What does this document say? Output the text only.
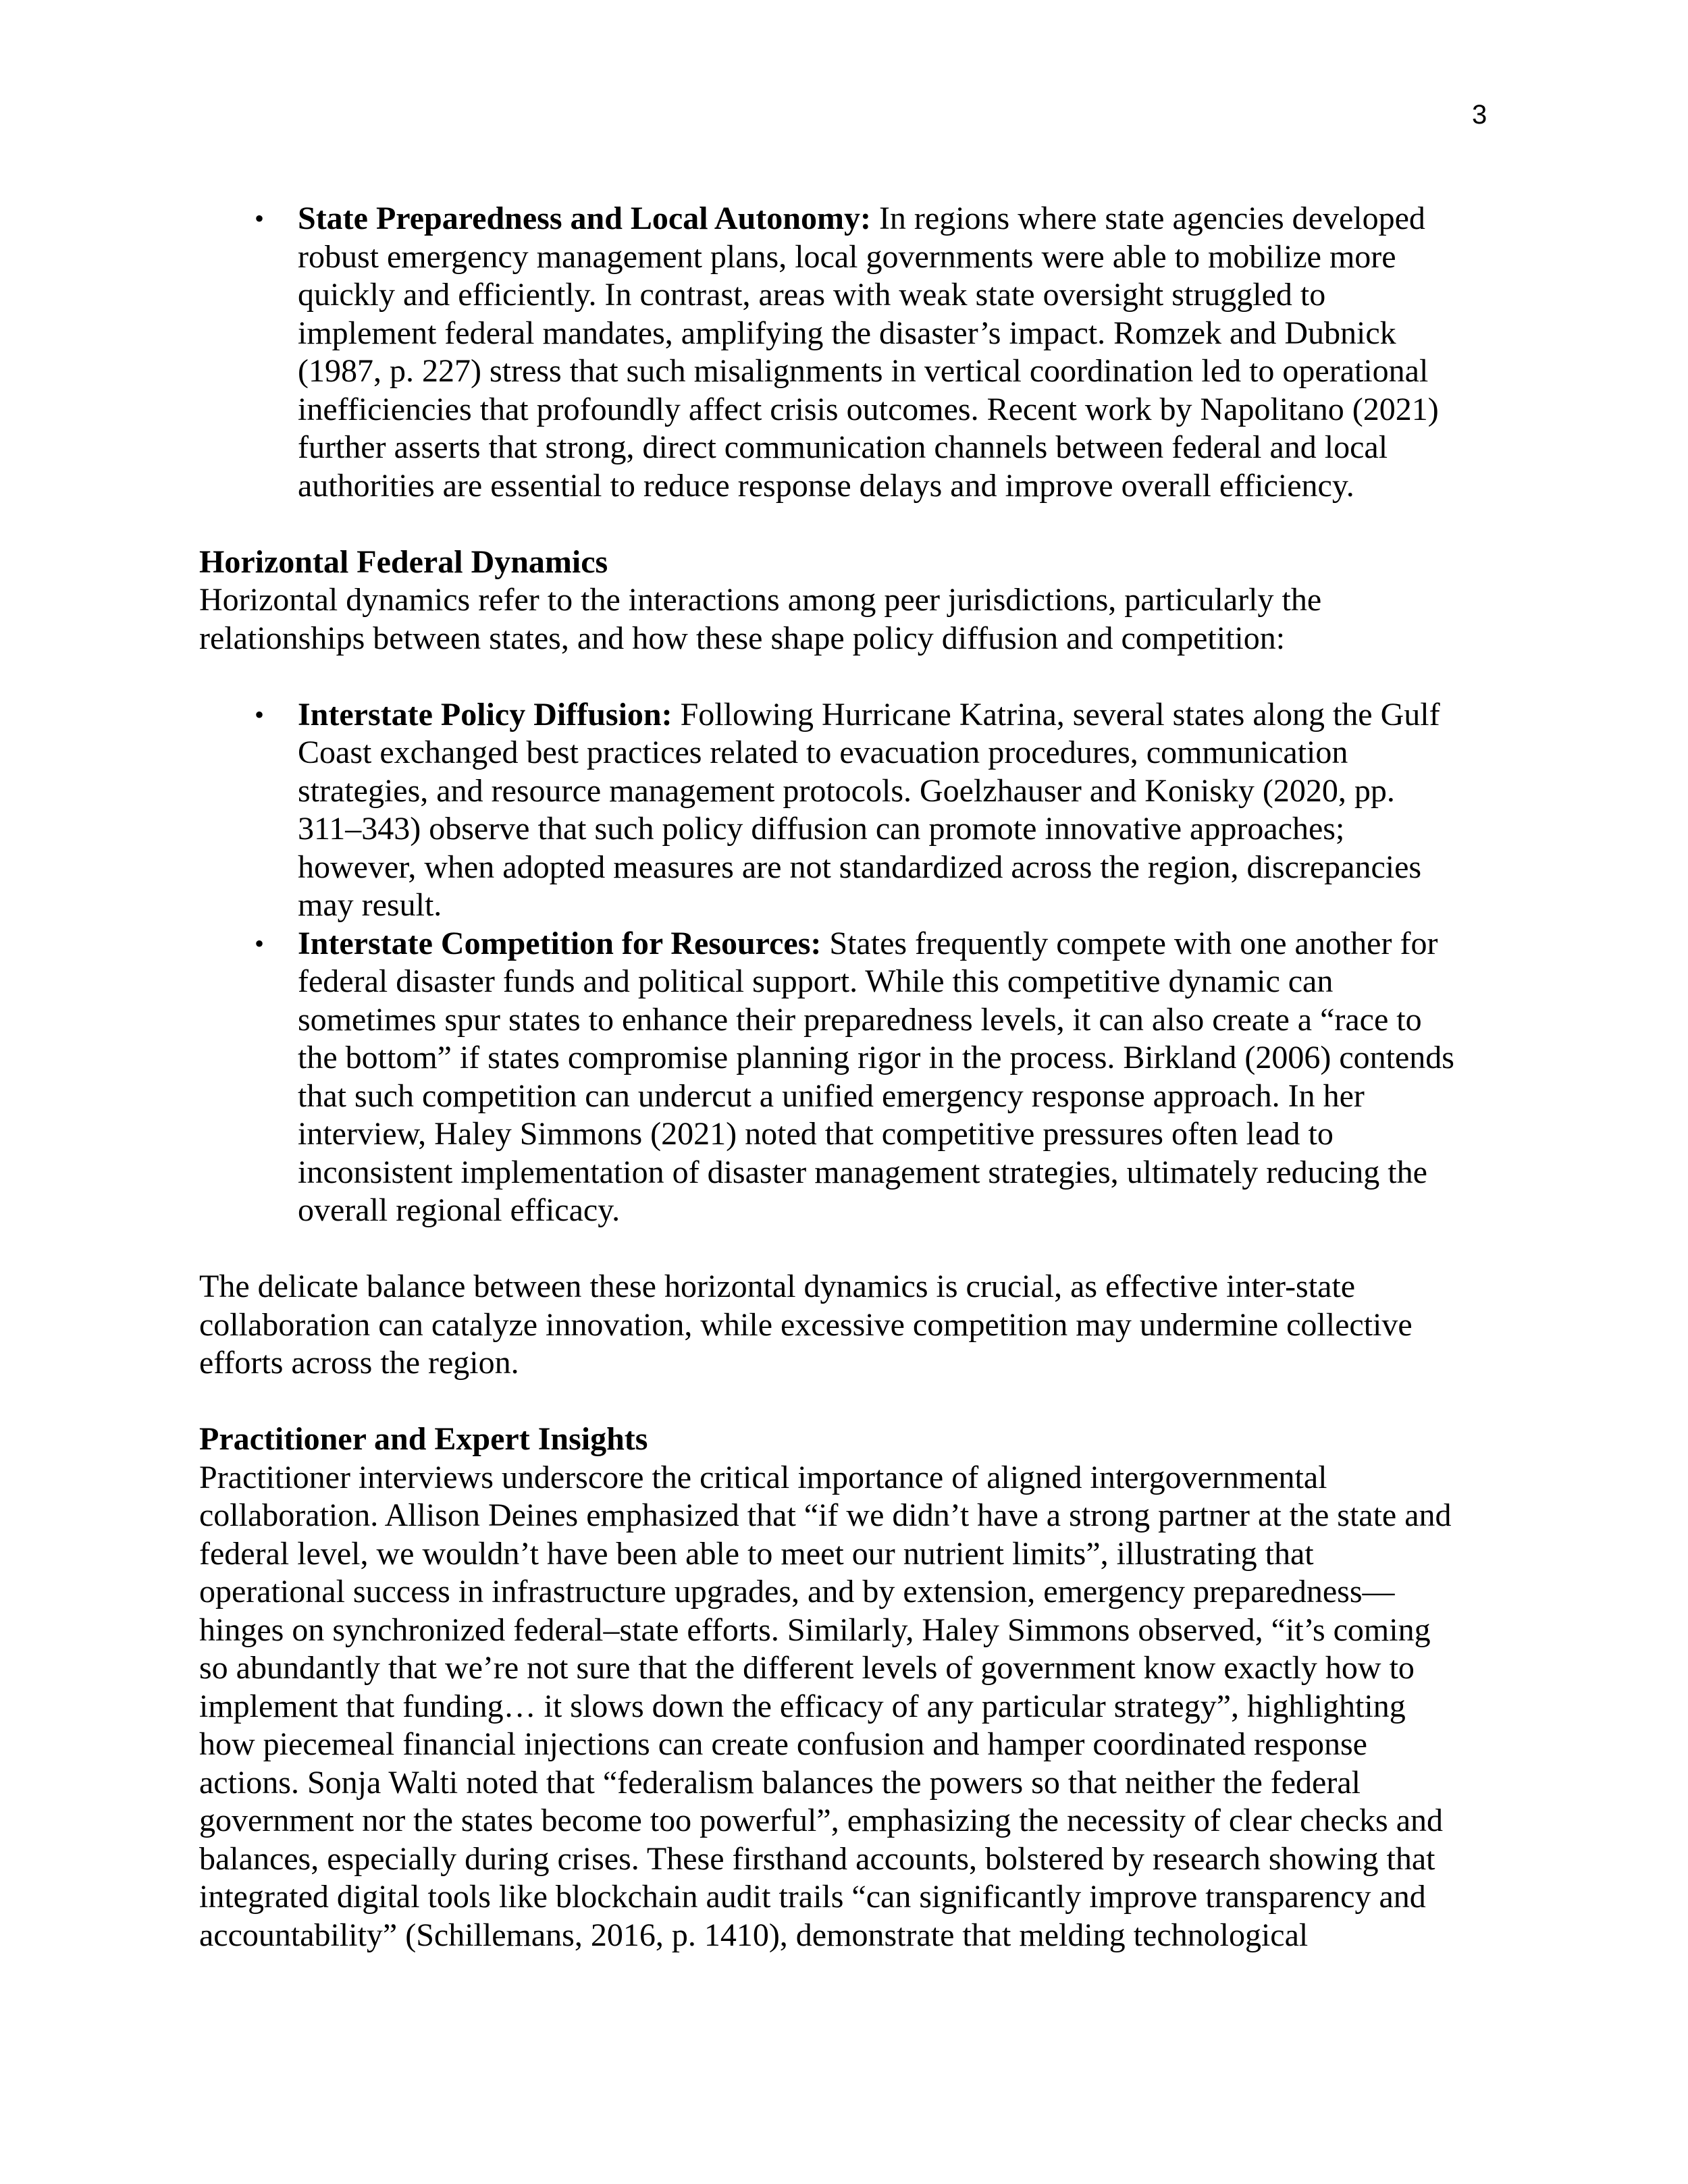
3
• State Preparedness and Local Autonomy: In regions where state agencies developed
robust emergency management plans, local governments were able to mobilize more
quickly and efficiently. In contrast, areas with weak state oversight struggled to
implement federal mandates, amplifying the disaster’s impact. Romzek and Dubnick
(1987, p. 227) stress that such misalignments in vertical coordination led to operational
inefficiencies that profoundly affect crisis outcomes. Recent work by Napolitano (2021)
further asserts that strong, direct communication channels between federal and local
authorities are essential to reduce response delays and improve overall efficiency.
Horizontal Federal Dynamics
Horizontal dynamics refer to the interactions among peer jurisdictions, particularly the
relationships between states, and how these shape policy diffusion and competition:
• Interstate Policy Diffusion: Following Hurricane Katrina, several states along the Gulf
Coast exchanged best practices related to evacuation procedures, communication
strategies, and resource management protocols. Goelzhauser and Konisky (2020, pp.
311–343) observe that such policy diffusion can promote innovative approaches;
however, when adopted measures are not standardized across the region, discrepancies
may result.
• Interstate Competition for Resources: States frequently compete with one another for
federal disaster funds and political support. While this competitive dynamic can
sometimes spur states to enhance their preparedness levels, it can also create a “race to
the bottom” if states compromise planning rigor in the process. Birkland (2006) contends
that such competition can undercut a unified emergency response approach. In her
interview, Haley Simmons (2021) noted that competitive pressures often lead to
inconsistent implementation of disaster management strategies, ultimately reducing the
overall regional efficacy.
The delicate balance between these horizontal dynamics is crucial, as effective inter-state
collaboration can catalyze innovation, while excessive competition may undermine collective
efforts across the region.
Practitioner and Expert Insights
Practitioner interviews underscore the critical importance of aligned intergovernmental
collaboration. Allison Deines emphasized that “if we didn’t have a strong partner at the state and
federal level, we wouldn’t have been able to meet our nutrient limits”, illustrating that
operational success in infrastructure upgrades, and by extension, emergency preparedness—
hinges on synchronized federal–state efforts. Similarly, Haley Simmons observed, “it’s coming
so abundantly that we’re not sure that the different levels of government know exactly how to
implement that funding… it slows down the efficacy of any particular strategy”, highlighting
how piecemeal financial injections can create confusion and hamper coordinated response
actions. Sonja Walti noted that “federalism balances the powers so that neither the federal
government nor the states become too powerful”, emphasizing the necessity of clear checks and
balances, especially during crises. These firsthand accounts, bolstered by research showing that
integrated digital tools like blockchain audit trails “can significantly improve transparency and
accountability” (Schillemans, 2016, p. 1410), demonstrate that melding technological
